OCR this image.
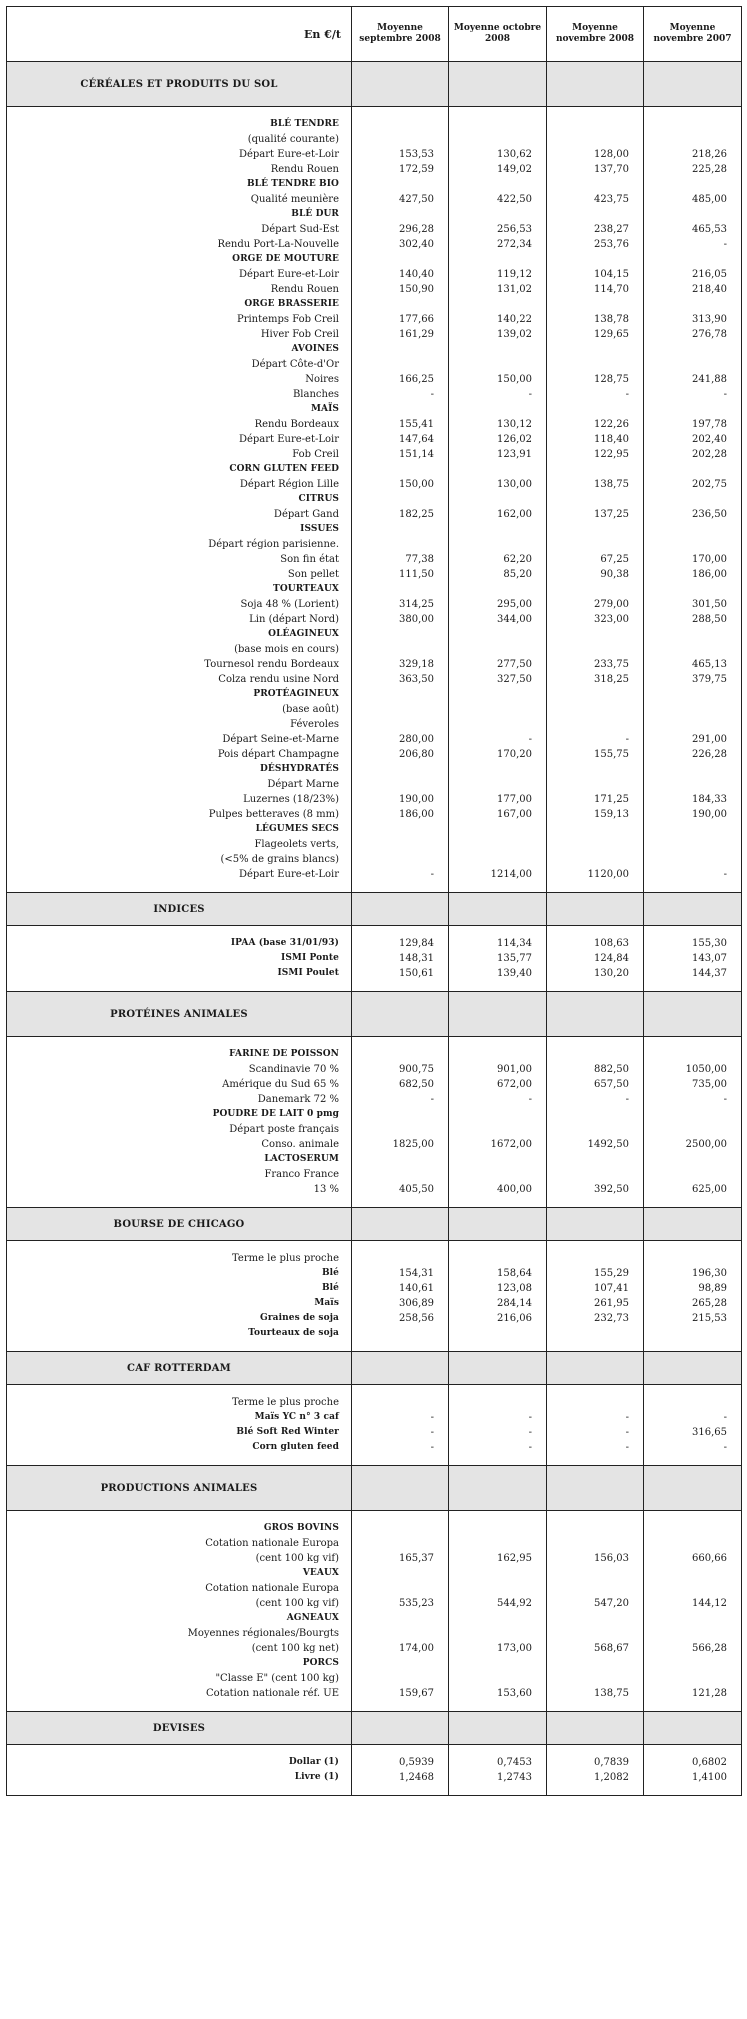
En €/t	Moyenne septembre 2008	Moyenne octobre 2008	Moyenne novembre 2008	Moyenne novembre 2007
CÉRÉALES ET PRODUITS DU SOL				

BLÉ TENDRE				
(qualité courante)				
Départ Eure-et-Loir	153,53	130,62	128,00	218,26
Rendu Rouen	172,59	149,02	137,70	225,28
BLÉ TENDRE BIO				
Qualité meunière	427,50	422,50	423,75	485,00
BLÉ DUR				
Départ Sud-Est	296,28	256,53	238,27	465,53
Rendu Port-La-Nouvelle	302,40	272,34	253,76	-
ORGE DE MOUTURE				
Départ Eure-et-Loir	140,40	119,12	104,15	216,05
Rendu Rouen	150,90	131,02	114,70	218,40
ORGE BRASSERIE				
Printemps Fob Creil	177,66	140,22	138,78	313,90
Hiver Fob Creil	161,29	139,02	129,65	276,78
AVOINES				
Départ Côte-d'Or				
Noires	166,25	150,00	128,75	241,88
Blanches	-	-	-	-
MAÏS				
Rendu Bordeaux	155,41	130,12	122,26	197,78
Départ Eure-et-Loir	147,64	126,02	118,40	202,40
Fob Creil	151,14	123,91	122,95	202,28
CORN GLUTEN FEED				
Départ Région Lille	150,00	130,00	138,75	202,75
CITRUS				
Départ Gand	182,25	162,00	137,25	236,50
ISSUES				
Départ région parisienne.				
Son fin état	77,38	62,20	67,25	170,00
Son pellet	111,50	85,20	90,38	186,00
TOURTEAUX				
Soja 48 % (Lorient)	314,25	295,00	279,00	301,50
Lin (départ Nord)	380,00	344,00	323,00	288,50
OLÉAGINEUX				
(base mois en cours)				
Tournesol rendu Bordeaux	329,18	277,50	233,75	465,13
Colza rendu usine Nord	363,50	327,50	318,25	379,75
PROTÉAGINEUX				
(base août)				
Féveroles				
Départ Seine-et-Marne	280,00	-	-	291,00
Pois départ Champagne	206,80	170,20	155,75	226,28
DÉSHYDRATÉS				
Départ Marne				
Luzernes (18/23%)	190,00	177,00	171,25	184,33
Pulpes betteraves (8 mm)	186,00	167,00	159,13	190,00
LÉGUMES SECS				
Flageolets verts,				
(<5% de grains blancs)				
Départ Eure-et-Loir	-	1214,00	1120,00	-

INDICES				

IPAA (base 31/01/93)	129,84	114,34	108,63	155,30
ISMI Ponte	148,31	135,77	124,84	143,07
ISMI Poulet	150,61	139,40	130,20	144,37

PROTÉINES ANIMALES				

FARINE DE POISSON				
Scandinavie 70 %	900,75	901,00	882,50	1050,00
Amérique du Sud 65 %	682,50	672,00	657,50	735,00
Danemark 72 %	-	-	-	-
POUDRE DE LAIT 0 pmg				
Départ poste français				
Conso. animale	1825,00	1672,00	1492,50	2500,00
LACTOSERUM				
Franco France				
13 %	405,50	400,00	392,50	625,00

BOURSE DE CHICAGO				

Terme le plus proche				
Blé	154,31	158,64	155,29	196,30
Blé	140,61	123,08	107,41	98,89
Maïs	306,89	284,14	261,95	265,28
Graines de soja	258,56	216,06	232,73	215,53
Tourteaux de soja				

CAF ROTTERDAM				

Terme le plus proche				
Maïs YC n° 3 caf	-	-	-	-
Blé Soft Red Winter	-	-	-	316,65
Corn gluten feed	-	-	-	-

PRODUCTIONS ANIMALES				

GROS BOVINS				
Cotation nationale Europa				
(cent 100 kg vif)	165,37	162,95	156,03	660,66
VEAUX				
Cotation nationale Europa				
(cent 100 kg vif)	535,23	544,92	547,20	144,12
AGNEAUX				
Moyennes régionales/Bourgts				
(cent 100 kg net)	174,00	173,00	568,67	566,28
PORCS				
"Classe E" (cent 100 kg)				
Cotation nationale réf. UE	159,67	153,60	138,75	121,28

DEVISES				

Dollar (1)	0,5939	0,7453	0,7839	0,6802
Livre (1)	1,2468	1,2743	1,2082	1,4100
